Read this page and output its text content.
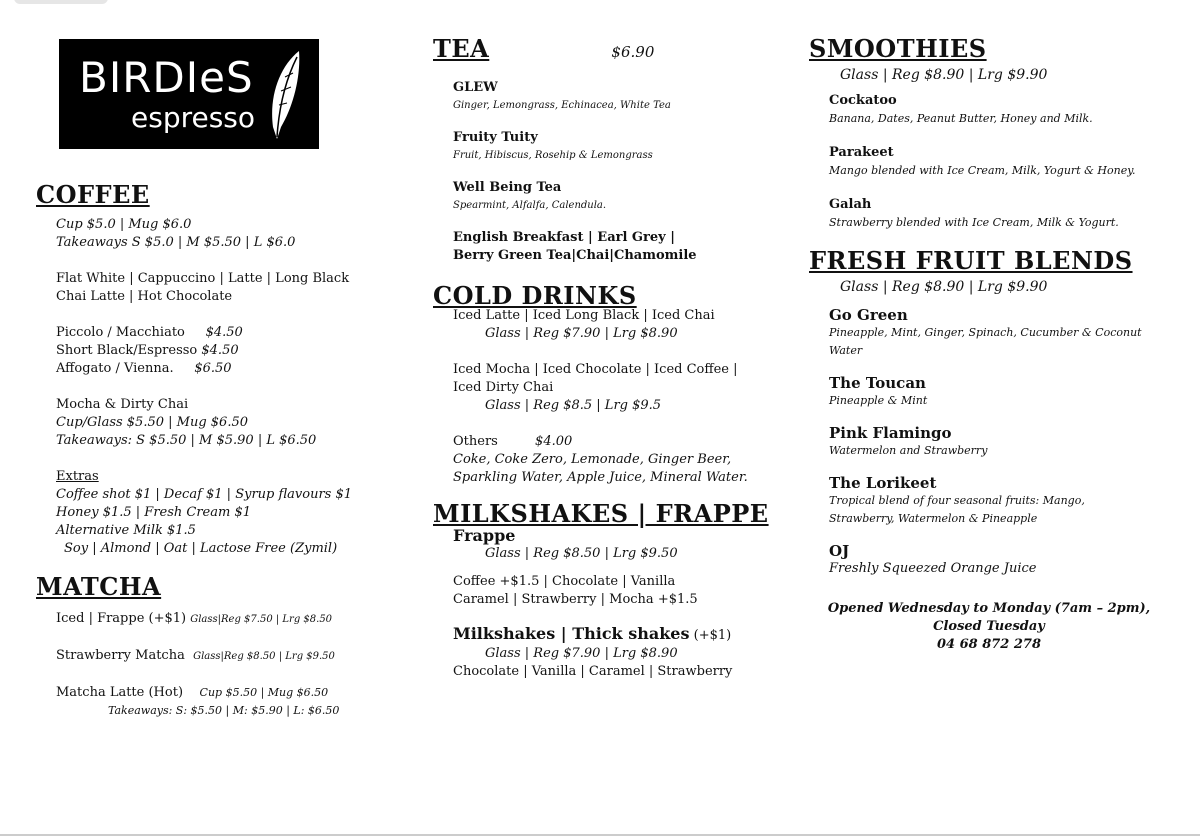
BIRDIeS
espresso
COFFEE
Cup $5.0 | Mug $6.0
Takeaways S $5.0 | M $5.50 | L $6.0
Flat White | Cappuccino | Latte | Long Black
Chai Latte | Hot Chocolate
Piccolo / Macchiato $4.50
Short Black/Espresso $4.50
Affogato / Vienna. $6.50
Mocha & Dirty Chai
Cup/Glass $5.50 | Mug $6.50
Takeaways: S $5.50 | M $5.90 | L $6.50
Extras
Coffee shot $1 | Decaf $1 | Syrup flavours $1
Honey $1.5 | Fresh Cream $1
Alternative Milk $1.5
Soy | Almond | Oat | Lactose Free (Zymil)
MATCHA
Iced | Frappe (+$1) Glass|Reg $7.50 | Lrg $8.50
Strawberry Matcha Glass|Reg $8.50 | Lrg $9.50
Matcha Latte (Hot) Cup $5.50 | Mug $6.50
Takeaways: S: $5.50 | M: $5.90 | L: $6.50
TEA	$6.90
GLEW
Ginger, Lemongrass, Echinacea, White Tea
Fruity Tuity
Fruit, Hibiscus, Rosehip & Lemongrass
Well Being Tea
Spearmint, Alfalfa, Calendula.
English Breakfast | Earl Grey |
Berry Green Tea|Chai|Chamomile
COLD DRINKS
Iced Latte | Iced Long Black | Iced Chai
Glass | Reg $7.90 | Lrg $8.90
Iced Mocha | Iced Chocolate | Iced Coffee |
Iced Dirty Chai
Glass | Reg $8.5 | Lrg $9.5
Others	$4.00
Coke, Coke Zero, Lemonade, Ginger Beer,
Sparkling Water, Apple Juice, Mineral Water.
MILKSHAKES | FRAPPE
Frappe
Glass | Reg $8.50 | Lrg $9.50
Coffee +$1.5 | Chocolate | Vanilla
Caramel | Strawberry | Mocha +$1.5
Milkshakes | Thick shakes (+$1)
Glass | Reg $7.90 | Lrg $8.90
Chocolate | Vanilla | Caramel | Strawberry
SMOOTHIES
Glass | Reg $8.90 | Lrg $9.90
Cockatoo
Banana, Dates, Peanut Butter, Honey and Milk.
Parakeet
Mango blended with Ice Cream, Milk, Yogurt & Honey.
Galah
Strawberry blended with Ice Cream, Milk & Yogurt.
FRESH FRUIT BLENDS
Glass | Reg $8.90 | Lrg $9.90
Go Green
Pineapple, Mint, Ginger, Spinach, Cucumber & Coconut
Water
The Toucan
Pineapple & Mint
Pink Flamingo
Watermelon and Strawberry
The Lorikeet
Tropical blend of four seasonal fruits: Mango,
Strawberry, Watermelon & Pineapple
OJ
Freshly Squeezed Orange Juice
Opened Wednesday to Monday (7am – 2pm),
Closed Tuesday
04 68 872 278
